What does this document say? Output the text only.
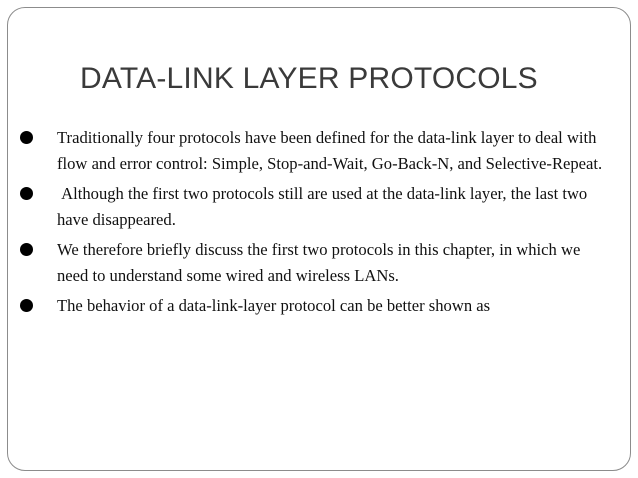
DATA-LINK LAYER PROTOCOLS
Traditionally four protocols have been defined for the data-link layer to deal with flow and error control: Simple, Stop-and-Wait, Go-Back-N, and Selective-Repeat.
Although the first two protocols still are used at the data-link layer, the last two have disappeared.
We therefore briefly discuss the first two protocols in this chapter, in which we need to understand some wired and wireless LANs.
The behavior of a data-link-layer protocol can be better shown as
